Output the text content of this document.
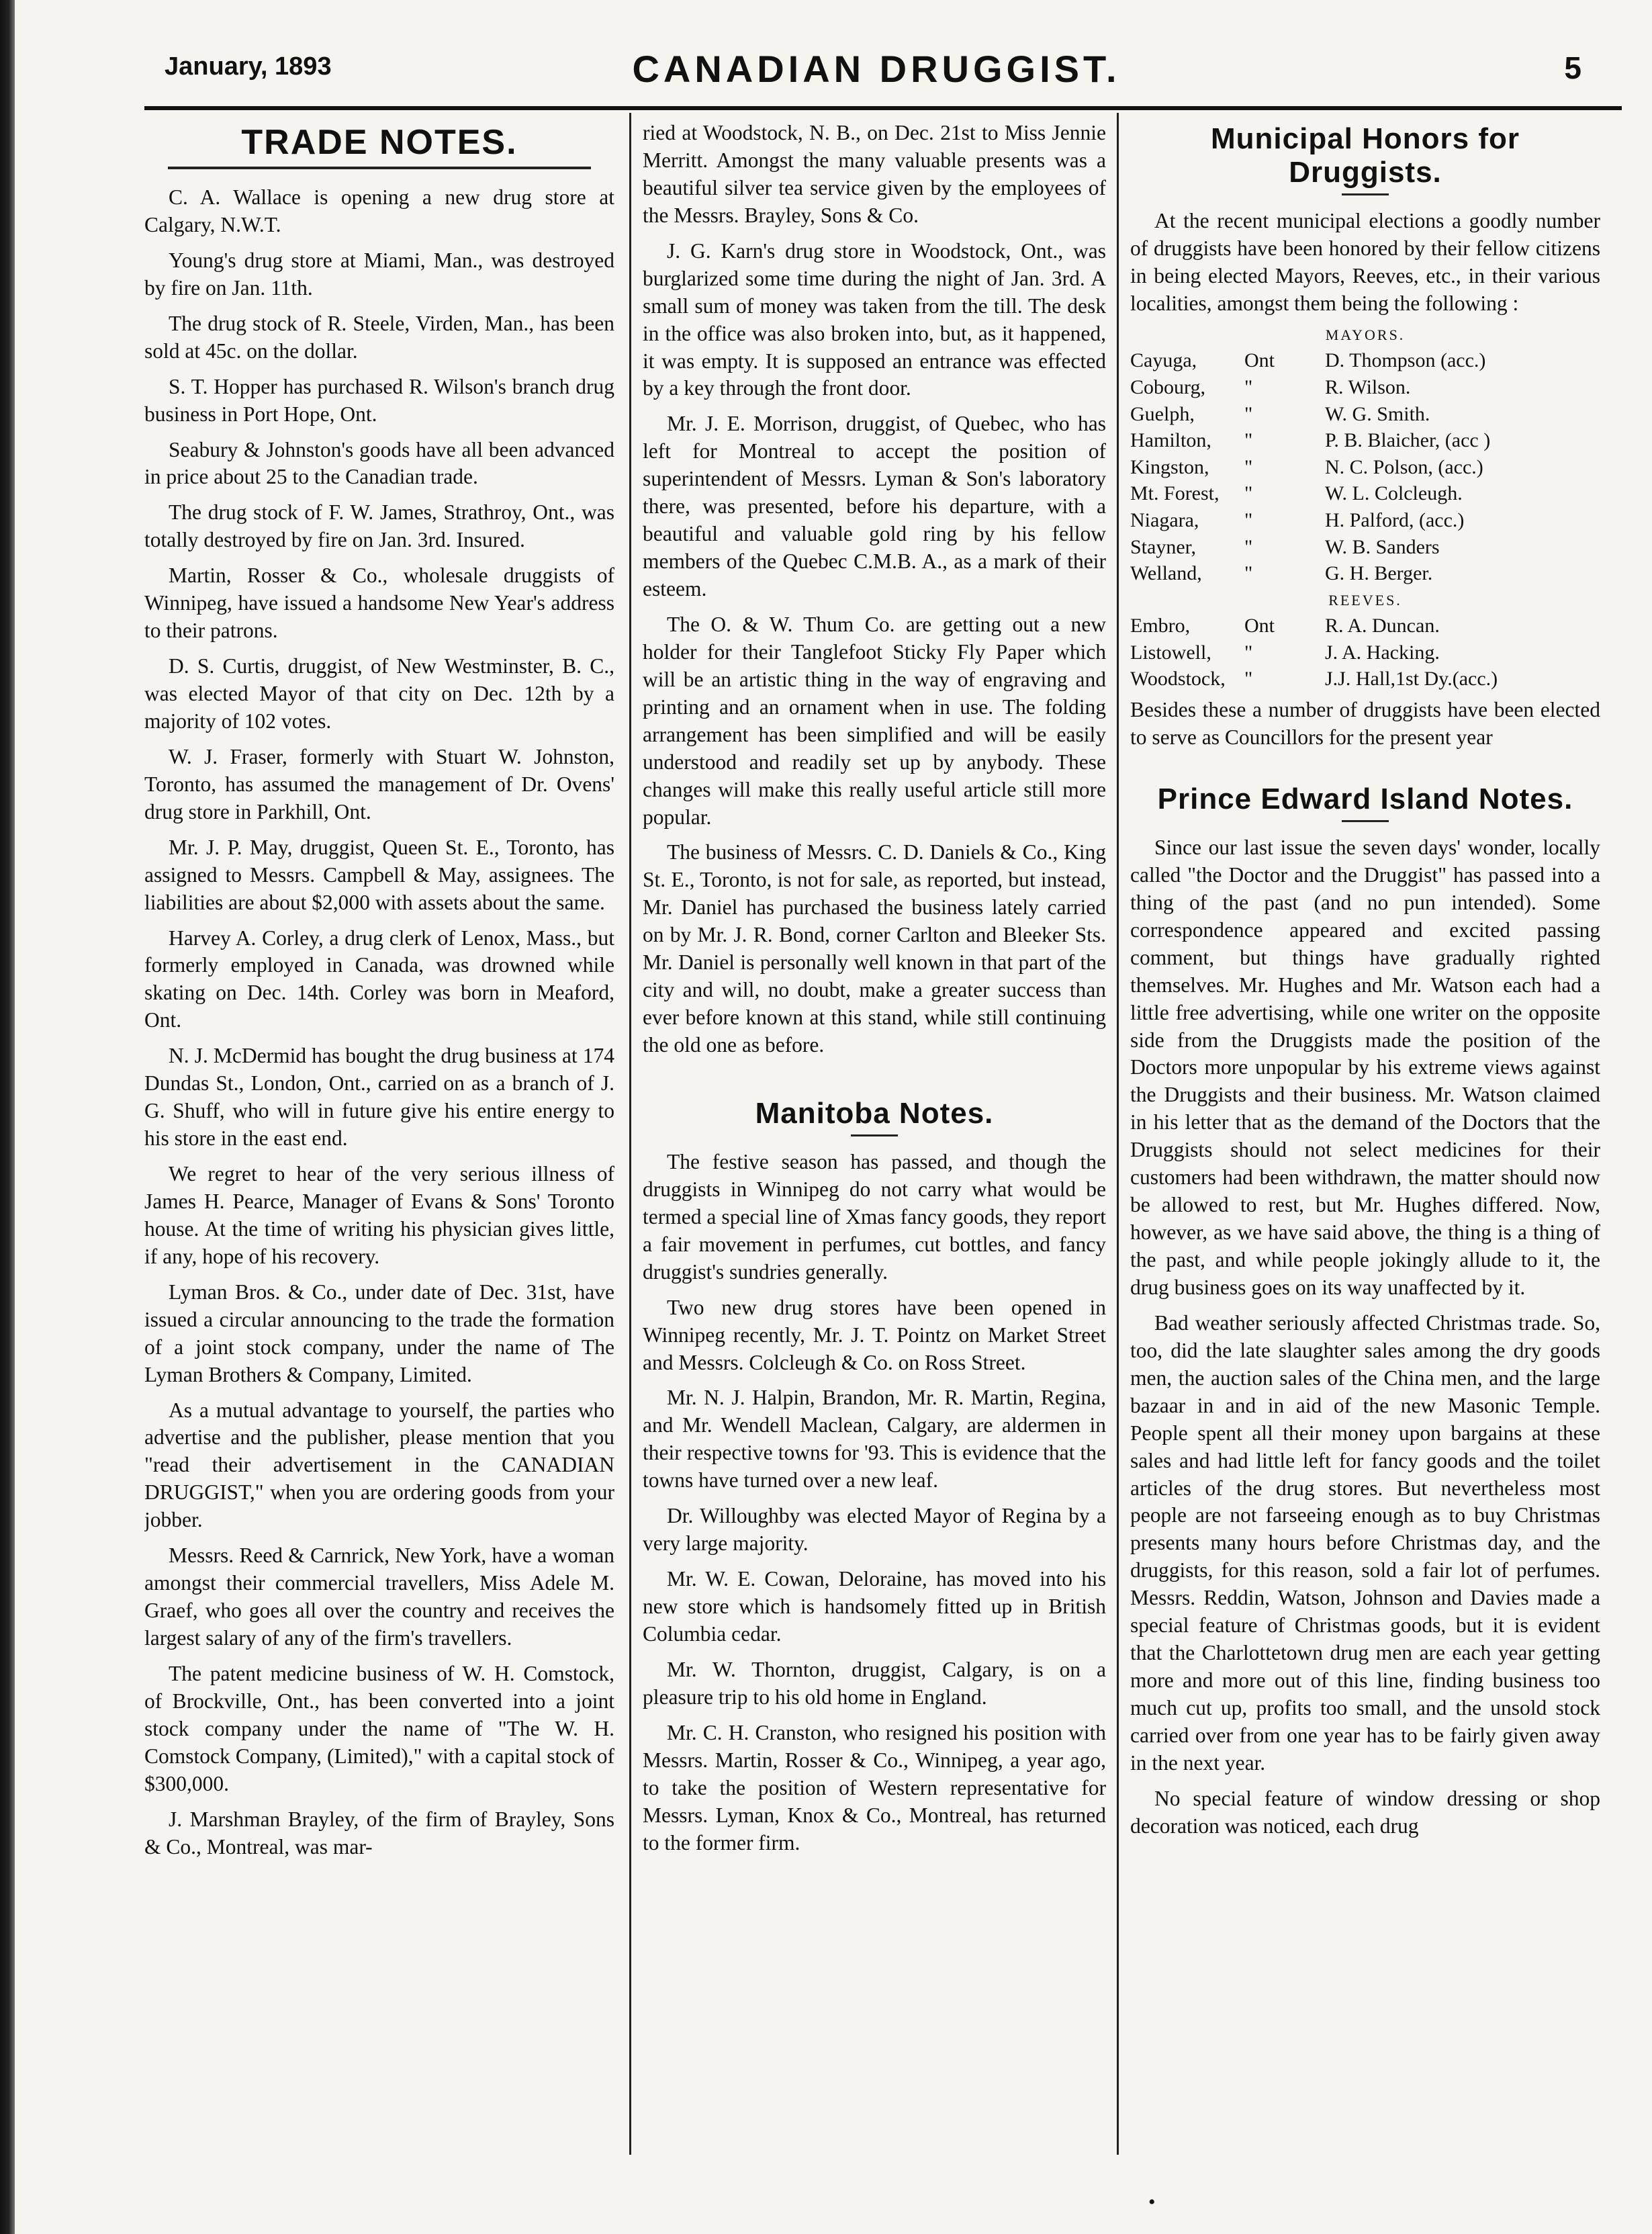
January, 1893	CANADIAN DRUGGIST.	5
TRADE NOTES.

C. A. Wallace is opening a new drug store at Calgary, N.W.T.

Young's drug store at Miami, Man., was destroyed by fire on Jan. 11th.

The drug stock of R. Steele, Virden, Man., has been sold at 45c. on the dollar.

S. T. Hopper has purchased R. Wilson's branch drug business in Port Hope, Ont.

Seabury & Johnston's goods have all been advanced in price about 25 to the Canadian trade.

The drug stock of F. W. James, Strathroy, Ont., was totally destroyed by fire on Jan. 3rd. Insured.

Martin, Rosser & Co., wholesale druggists of Winnipeg, have issued a handsome New Year's address to their patrons.

D. S. Curtis, druggist, of New Westminster, B. C., was elected Mayor of that city on Dec. 12th by a majority of 102 votes.

W. J. Fraser, formerly with Stuart W. Johnston, Toronto, has assumed the management of Dr. Ovens' drug store in Parkhill, Ont.

Mr. J. P. May, druggist, Queen St. E., Toronto, has assigned to Messrs. Campbell & May, assignees. The liabilities are about $2,000 with assets about the same.

Harvey A. Corley, a drug clerk of Lenox, Mass., but formerly employed in Canada, was drowned while skating on Dec. 14th. Corley was born in Meaford, Ont.

N. J. McDermid has bought the drug business at 174 Dundas St., London, Ont., carried on as a branch of J. G. Shuff, who will in future give his entire energy to his store in the east end.

We regret to hear of the very serious illness of James H. Pearce, Manager of Evans & Sons' Toronto house. At the time of writing his physician gives little, if any, hope of his recovery.

Lyman Bros. & Co., under date of Dec. 31st, have issued a circular announcing to the trade the formation of a joint stock company, under the name of The Lyman Brothers & Company, Limited.

As a mutual advantage to yourself, the parties who advertise and the publisher, please mention that you "read their advertisement in the CANADIAN DRUGGIST," when you are ordering goods from your jobber.

Messrs. Reed & Carnrick, New York, have a woman amongst their commercial travellers, Miss Adele M. Graef, who goes all over the country and receives the largest salary of any of the firm's travellers.

The patent medicine business of W. H. Comstock, of Brockville, Ont., has been converted into a joint stock company under the name of "The W. H. Comstock Company, (Limited)," with a capital stock of $300,000.

J. Marshman Brayley, of the firm of Brayley, Sons & Co., Montreal, was mar-

ried at Woodstock, N. B., on Dec. 21st to Miss Jennie Merritt. Amongst the many valuable presents was a beautiful silver tea service given by the employees of the Messrs. Brayley, Sons & Co.

J. G. Karn's drug store in Woodstock, Ont., was burglarized some time during the night of Jan. 3rd. A small sum of money was taken from the till. The desk in the office was also broken into, but, as it happened, it was empty. It is supposed an entrance was effected by a key through the front door.

Mr. J. E. Morrison, druggist, of Quebec, who has left for Montreal to accept the position of superintendent of Messrs. Lyman & Son's laboratory there, was presented, before his departure, with a beautiful and valuable gold ring by his fellow members of the Quebec C.M.B. A., as a mark of their esteem.

The O. & W. Thum Co. are getting out a new holder for their Tanglefoot Sticky Fly Paper which will be an artistic thing in the way of engraving and printing and an ornament when in use. The folding arrangement has been simplified and will be easily understood and readily set up by anybody. These changes will make this really useful article still more popular.

The business of Messrs. C. D. Daniels & Co., King St. E., Toronto, is not for sale, as reported, but instead, Mr. Daniel has purchased the business lately carried on by Mr. J. R. Bond, corner Carlton and Bleeker Sts. Mr. Daniel is personally well known in that part of the city and will, no doubt, make a greater success than ever before known at this stand, while still continuing the old one as before.

Manitoba Notes.

The festive season has passed, and though the druggists in Winnipeg do not carry what would be termed a special line of Xmas fancy goods, they report a fair movement in perfumes, cut bottles, and fancy druggist's sundries generally.

Two new drug stores have been opened in Winnipeg recently, Mr. J. T. Pointz on Market Street and Messrs. Colcleugh & Co. on Ross Street.

Mr. N. J. Halpin, Brandon, Mr. R. Martin, Regina, and Mr. Wendell Maclean, Calgary, are aldermen in their respective towns for '93. This is evidence that the towns have turned over a new leaf.

Dr. Willoughby was elected Mayor of Regina by a very large majority.

Mr. W. E. Cowan, Deloraine, has moved into his new store which is handsomely fitted up in British Columbia cedar.

Mr. W. Thornton, druggist, Calgary, is on a pleasure trip to his old home in England.

Mr. C. H. Cranston, who resigned his position with Messrs. Martin, Rosser & Co., Winnipeg, a year ago, to take the position of Western representative for Messrs. Lyman, Knox & Co., Montreal, has returned to the former firm.

Municipal Honors for Druggists.

At the recent municipal elections a goodly number of druggists have been honored by their fellow citizens in being elected Mayors, Reeves, etc., in their various localities, amongst them being the following :

MAYORS.
Cayuga,	Ont	D. Thompson (acc.)
Cobourg,	"	R. Wilson.
Guelph,	"	W. G. Smith.
Hamilton,	"	P. B. Blaicher, (acc )
Kingston,	"	N. C. Polson, (acc.)
Mt. Forest,	"	W. L. Colcleugh.
Niagara,	"	H. Palford, (acc.)
Stayner,	"	W. B. Sanders
Welland,	"	G. H. Berger.
REEVES.
Embro,	Ont	R. A. Duncan.
Listowell,	"	J. A. Hacking.
Woodstock,	"	J.J. Hall,1st Dy.(acc.)

Besides these a number of druggists have been elected to serve as Councillors for the present year

Prince Edward Island Notes.

Since our last issue the seven days' wonder, locally called "the Doctor and the Druggist" has passed into a thing of the past (and no pun intended). Some correspondence appeared and excited passing comment, but things have gradually righted themselves. Mr. Hughes and Mr. Watson each had a little free advertising, while one writer on the opposite side from the Druggists made the position of the Doctors more unpopular by his extreme views against the Druggists and their business. Mr. Watson claimed in his letter that as the demand of the Doctors that the Druggists should not select medicines for their customers had been withdrawn, the matter should now be allowed to rest, but Mr. Hughes differed. Now, however, as we have said above, the thing is a thing of the past, and while people jokingly allude to it, the drug business goes on its way unaffected by it.

Bad weather seriously affected Christmas trade. So, too, did the late slaughter sales among the dry goods men, the auction sales of the China men, and the large bazaar in and in aid of the new Masonic Temple. People spent all their money upon bargains at these sales and had little left for fancy goods and the toilet articles of the drug stores. But nevertheless most people are not farseeing enough as to buy Christmas presents many hours before Christmas day, and the druggists, for this reason, sold a fair lot of perfumes. Messrs. Reddin, Watson, Johnson and Davies made a special feature of Christmas goods, but it is evident that the Charlottetown drug men are each year getting more and more out of this line, finding business too much cut up, profits too small, and the unsold stock carried over from one year has to be fairly given away in the next year.

No special feature of window dressing or shop decoration was noticed, each drug

•
